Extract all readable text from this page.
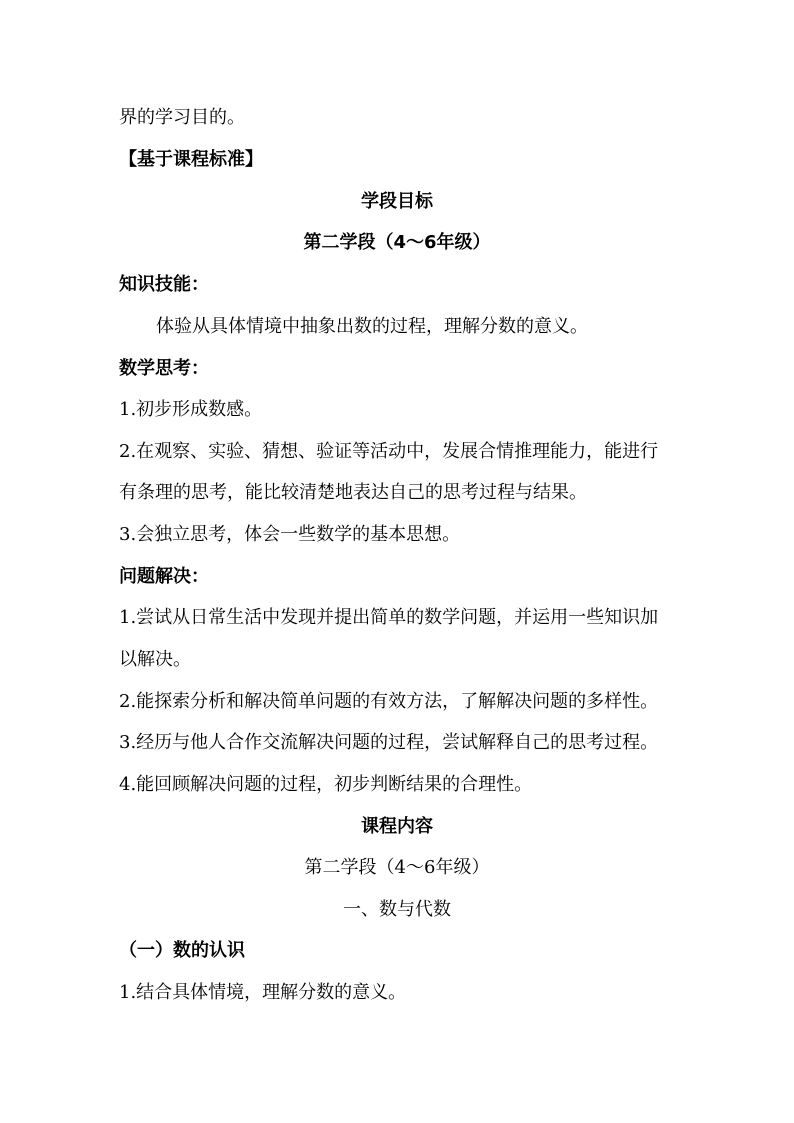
界的学习目的。
【基于课程标准】
学段目标
第二学段（4～6年级）
知识技能：
体验从具体情境中抽象出数的过程，理解分数的意义。
数学思考：
1.初步形成数感。
2.在观察、实验、猜想、验证等活动中，发展合情推理能力，能进行
有条理的思考，能比较清楚地表达自己的思考过程与结果。
3.会独立思考，体会一些数学的基本思想。
问题解决：
1.尝试从日常生活中发现并提出简单的数学问题，并运用一些知识加
以解决。
2.能探索分析和解决简单问题的有效方法，了解解决问题的多样性。
3.经历与他人合作交流解决问题的过程，尝试解释自己的思考过程。
4.能回顾解决问题的过程，初步判断结果的合理性。
课程内容
第二学段（4～6年级）
一、数与代数
（一）数的认识
1.结合具体情境，理解分数的意义。
